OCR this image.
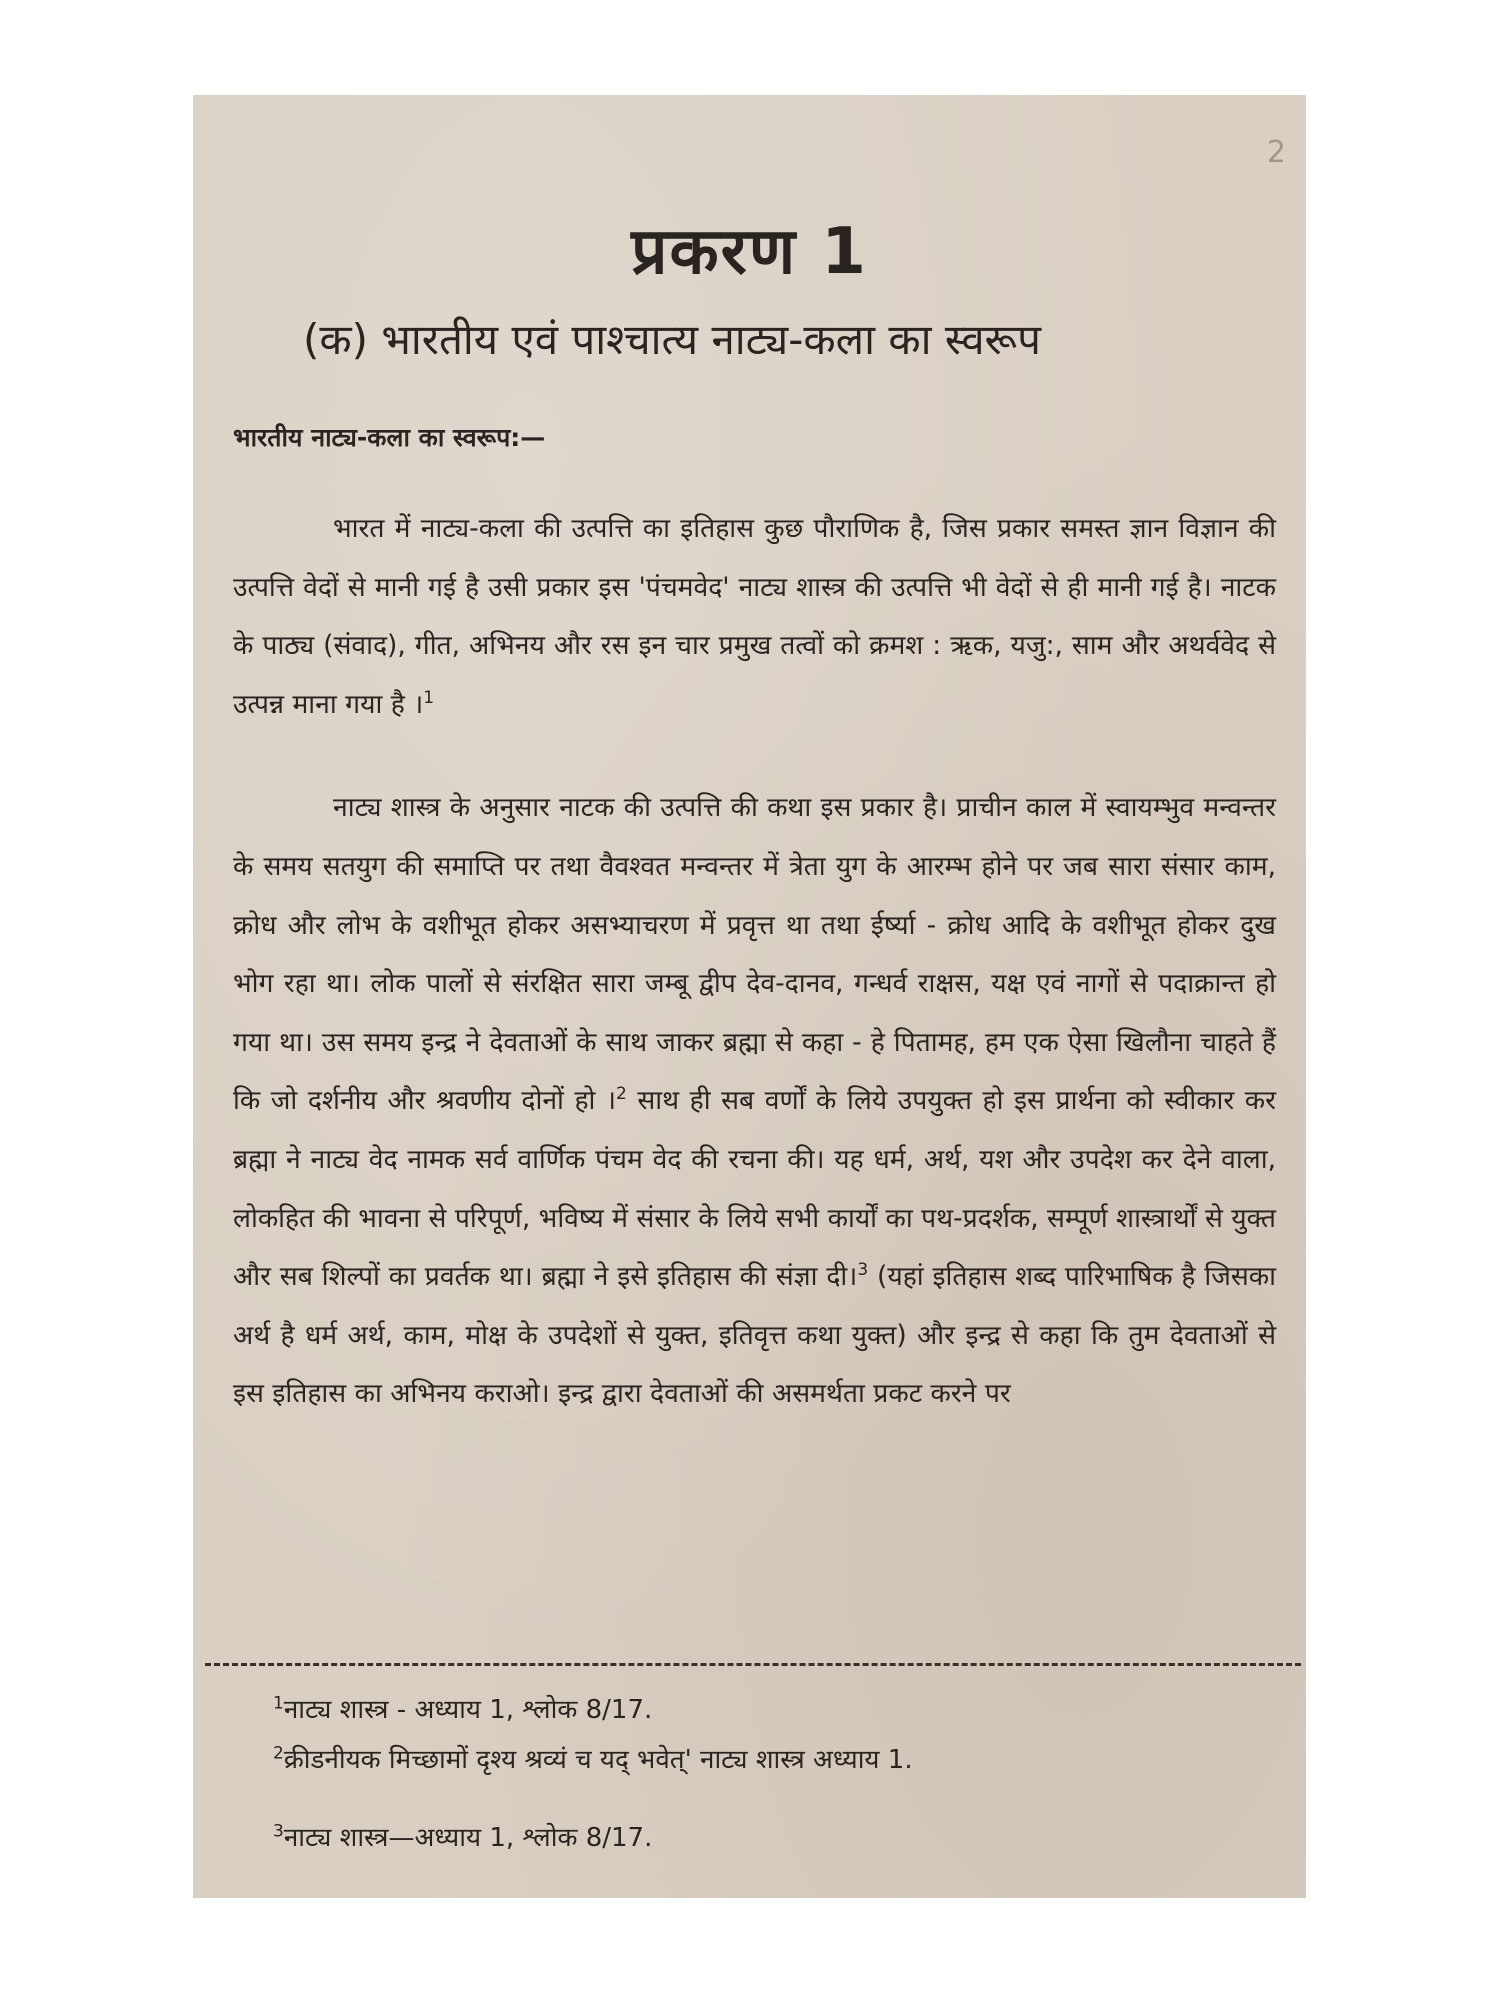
2
प्रकरण 1
(क) भारतीय एवं पाश्चात्य नाट्य-कला का स्वरूप
भारतीय नाट्य-कला का स्वरूप:—

भारत में नाट्य-कला की उत्पत्ति का इतिहास कुछ पौराणिक है, जिस प्रकार समस्त ज्ञान विज्ञान की उत्पत्ति वेदों से मानी गई है उसी प्रकार इस 'पंचमवेद' नाट्य शास्त्र की उत्पत्ति भी वेदों से ही मानी गई है। नाटक के पाठ्य (संवाद), गीत, अभिनय और रस इन चार प्रमुख तत्वों को क्रमश : ऋक, यजु:, साम और अथर्ववेद से उत्पन्न माना गया है ।$^1$

नाट्य शास्त्र के अनुसार नाटक की उत्पत्ति की कथा इस प्रकार है। प्राचीन काल में स्वायम्भुव मन्वन्तर के समय सतयुग की समाप्ति पर तथा वैवश्वत मन्वन्तर में त्रेता युग के आरम्भ होने पर जब सारा संसार काम, क्रोध और लोभ के वशीभूत होकर असभ्याचरण में प्रवृत्त था तथा ईर्ष्या - क्रोध आदि के वशीभूत होकर दुख भोग रहा था। लोक पालों से संरक्षित सारा जम्बू द्वीप देव-दानव, गन्धर्व राक्षस, यक्ष एवं नागों से पदाक्रान्त हो गया था। उस समय इन्द्र ने देवताओं के साथ जाकर ब्रह्मा से कहा - हे पितामह, हम एक ऐसा खिलौना चाहते हैं कि जो दर्शनीय और श्रवणीय दोनों हो ।$^2$ साथ ही सब वर्णों के लिये उपयुक्त हो इस प्रार्थना को स्वीकार कर ब्रह्मा ने नाट्य वेद नामक सर्व वार्णिक पंचम वेद की रचना की। यह धर्म, अर्थ, यश और उपदेश कर देने वाला, लोकहित की भावना से परिपूर्ण, भविष्य में संसार के लिये सभी कार्यों का पथ-प्रदर्शक, सम्पूर्ण शास्त्रार्थों से युक्त और सब शिल्पों का प्रवर्तक था। ब्रह्मा ने इसे इतिहास की संज्ञा दी।$^3$ (यहां इतिहास शब्द पारिभाषिक है जिसका अर्थ है धर्म अर्थ, काम, मोक्ष के उपदेशों से युक्त, इतिवृत्त कथा युक्त) और इन्द्र से कहा कि तुम देवताओं से इस इतिहास का अभिनय कराओ। इन्द्र द्वारा देवताओं की असमर्थता प्रकट करने पर

$^1$नाट्य शास्त्र - अध्याय 1, श्लोक 8/17.
$^2$क्रीडनीयक मिच्छामों दृश्य श्रव्यं च यद् भवेत्' नाट्य शास्त्र अध्याय 1.
$^3$नाट्य शास्त्र—अध्याय 1, श्लोक 8/17.
